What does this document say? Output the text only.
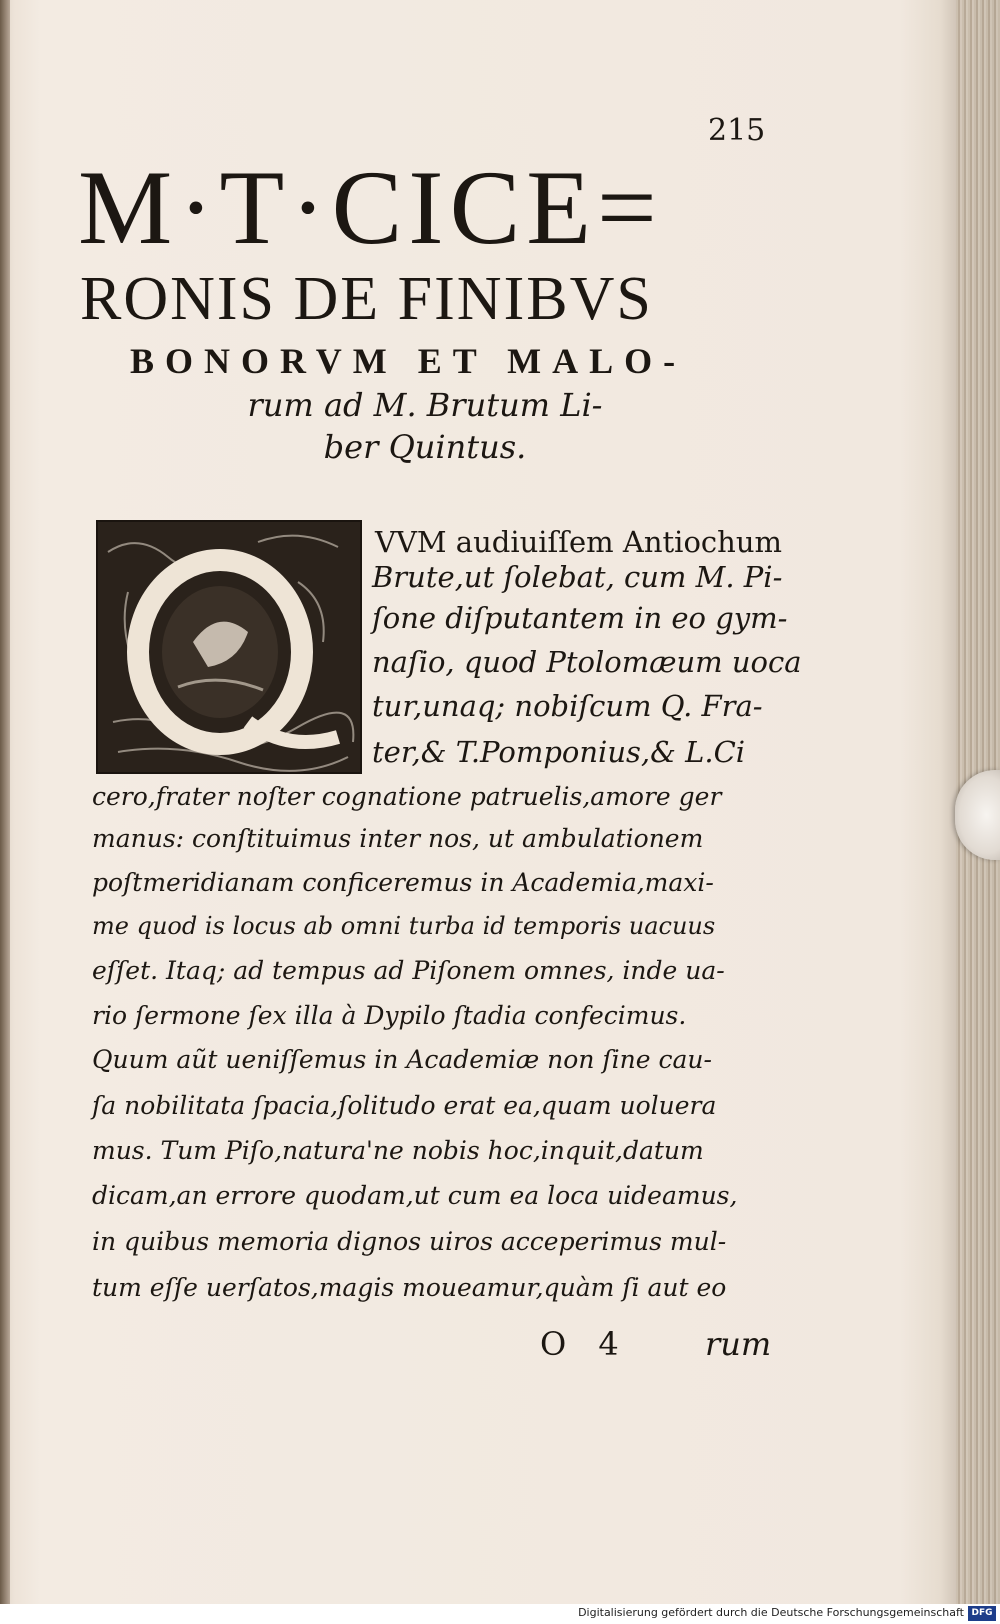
215
M·T·CICE=
RONIS DE FINIBVS
BONORVM ET MALO-
rum ad M. Brutum Li-
ber Quintus.
VVM audiuiſſem Antiochum
Brute,ut ſolebat, cum M. Pi-
ſone diſputantem in eo gym-
naſio, quod Ptolomæum uoca
tur,unaq; nobiſcum Q. Fra-
ter,& T.Pomponius,& L.Ci
cero,frater noſter cognatione patruelis,amore ger
manus: conſtituimus inter nos, ut ambulationem
poſtmeridianam conficeremus in Academia,maxi-
me quod is locus ab omni turba id temporis uacuus
eſſet. Itaq; ad tempus ad Piſonem omnes, inde ua-
rio ſermone ſex illa à Dypilo ſtadia confecimus.
Quum aũt ueniſſemus in Academiæ non ſine cau-
ſa nobilitata ſpacia,ſolitudo erat ea,quam uoluera
mus. Tum Piſo,natura'ne nobis hoc,inquit,datum
dicam,an errore quodam,ut cum ea loca uideamus,
in quibus memoria dignos uiros acceperimus mul-
tum eſſe uerſatos,magis moueamur,quàm ſi aut eo
O 4	rum
Digitalisierung gefördert durch die Deutsche Forschungsgemeinschaft DFG
